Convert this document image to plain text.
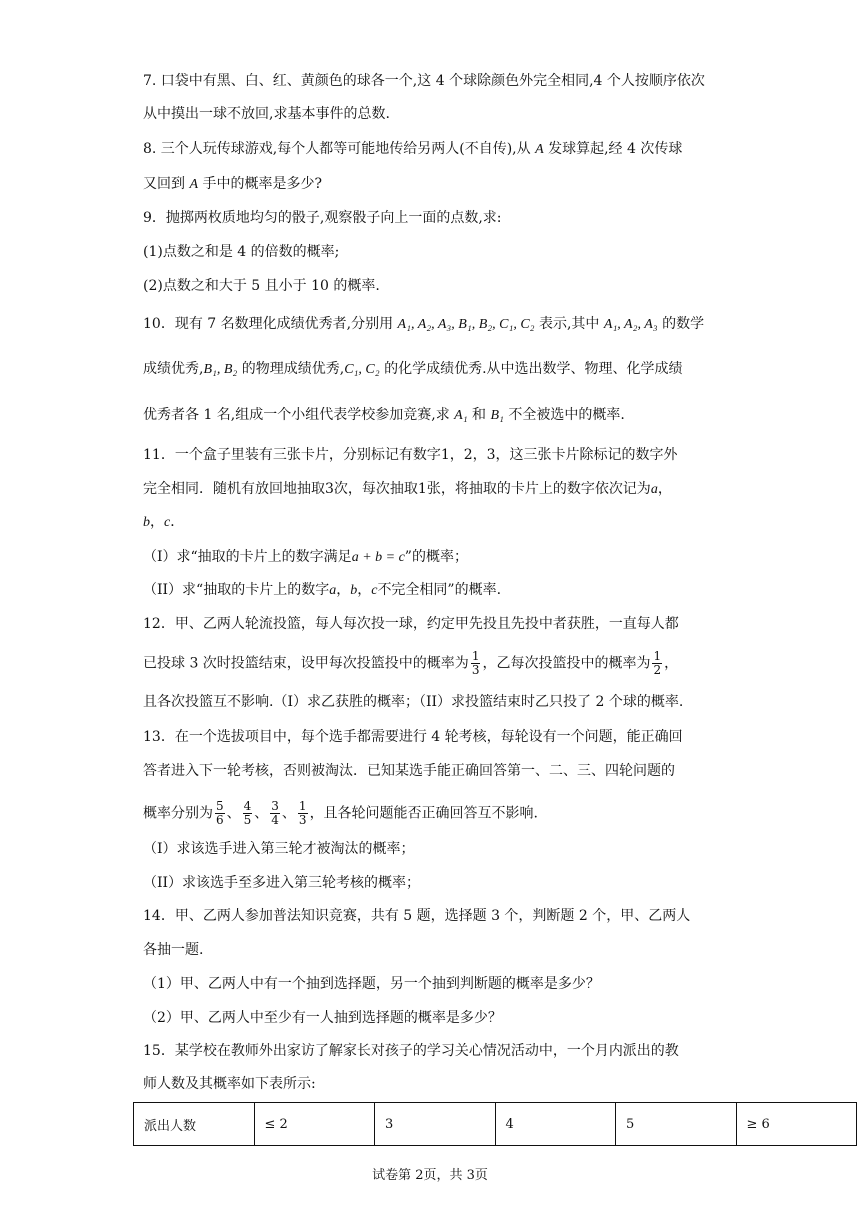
7. 口袋中有黑、白、红、黄颜色的球各一个,这 4 个球除颜色外完全相同,4 个人按顺序依次
从中摸出一球不放回,求基本事件的总数.
8. 三个人玩传球游戏,每个人都等可能地传给另两人(不自传),从 A 发球算起,经 4 次传球
又回到 A 手中的概率是多少?
9．抛掷两枚质地均匀的骰子,观察骰子向上一面的点数,求:
(1)点数之和是 4 的倍数的概率;
(2)点数之和大于 5 且小于 10 的概率.
10．现有 7 名数理化成绩优秀者,分别用 A₁, A₂, A₃, B₁, B₂, C₁, C₂ 表示,其中 A₁, A₂, A₃ 的数学
成绩优秀,B₁, B₂ 的物理成绩优秀,C₁, C₂ 的化学成绩优秀.从中选出数学、物理、化学成绩
优秀者各 1 名,组成一个小组代表学校参加竞赛,求 A₁ 和 B₁ 不全被选中的概率.
11．一个盒子里装有三张卡片，分别标记有数字1，2，3，这三张卡片除标记的数字外
完全相同．随机有放回地抽取3次，每次抽取1张，将抽取的卡片上的数字依次记为a，
b，c．
（I）求“抽取的卡片上的数字满足a + b = c”的概率；
（II）求“抽取的卡片上的数字a，b，c不完全相同”的概率.
12．甲、乙两人轮流投篮，每人每次投一球，约定甲先投且先投中者获胜，一直每人都
已投球 3 次时投篮结束，设甲每次投篮投中的概率为 $\frac{1}{3}$ ，乙每次投篮投中的概率为 $\frac{1}{2}$ ，
且各次投篮互不影响.（I）求乙获胜的概率；（II）求投篮结束时乙只投了 2 个球的概率.
13．在一个选拔项目中，每个选手都需要进行 4 轮考核，每轮设有一个问题，能正确回
答者进入下一轮考核，否则被淘汰．已知某选手能正确回答第一、二、三、四轮问题的
概率分别为 $\frac{5}{6}$ 、 $\frac{4}{5}$ 、 $\frac{3}{4}$ 、 $\frac{1}{3}$ ，且各轮问题能否正确回答互不影响.
（I）求该选手进入第三轮才被淘汰的概率；
（II）求该选手至多进入第三轮考核的概率；
14．甲、乙两人参加普法知识竞赛，共有 5 题，选择题 3 个，判断题 2 个，甲、乙两人
各抽一题.
（1）甲、乙两人中有一个抽到选择题，另一个抽到判断题的概率是多少？
（2）甲、乙两人中至少有一人抽到选择题的概率是多少？
15．某学校在教师外出家访了解家长对孩子的学习关心情况活动中，一个月内派出的教
师人数及其概率如下表所示:
派出人数	≤ 2	3	4	5	≥ 6
试卷第 2页，共 3页
